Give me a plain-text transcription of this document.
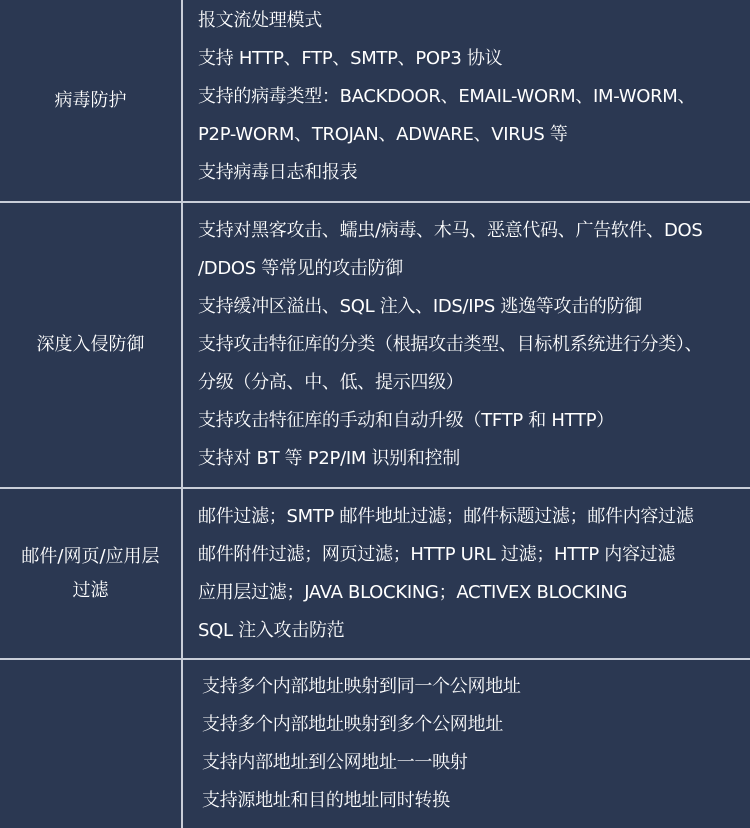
病毒防护
报文流处理模式
支持 HTTP、FTP、SMTP、POP3 协议
支持的病毒类型：BACKDOOR、EMAIL-WORM、IM-WORM、
P2P-WORM、TROJAN、ADWARE、VIRUS 等
支持病毒日志和报表
深度入侵防御
支持对黑客攻击、蠕虫/病毒、木马、恶意代码、广告软件、DOS
/DDOS 等常见的攻击防御
支持缓冲区溢出、SQL 注入、IDS/IPS 逃逸等攻击的防御
支持攻击特征库的分类（根据攻击类型、目标机系统进行分类）、
分级（分高、中、低、提示四级）
支持攻击特征库的手动和自动升级（TFTP 和 HTTP）
支持对 BT 等 P2P/IM 识别和控制
邮件/网页/应用层
过滤
邮件过滤；SMTP 邮件地址过滤；邮件标题过滤；邮件内容过滤
邮件附件过滤；网页过滤；HTTP URL 过滤；HTTP 内容过滤
应用层过滤；JAVA BLOCKING；ACTIVEX BLOCKING
SQL 注入攻击防范
支持多个内部地址映射到同一个公网地址
支持多个内部地址映射到多个公网地址
支持内部地址到公网地址一一映射
支持源地址和目的地址同时转换
